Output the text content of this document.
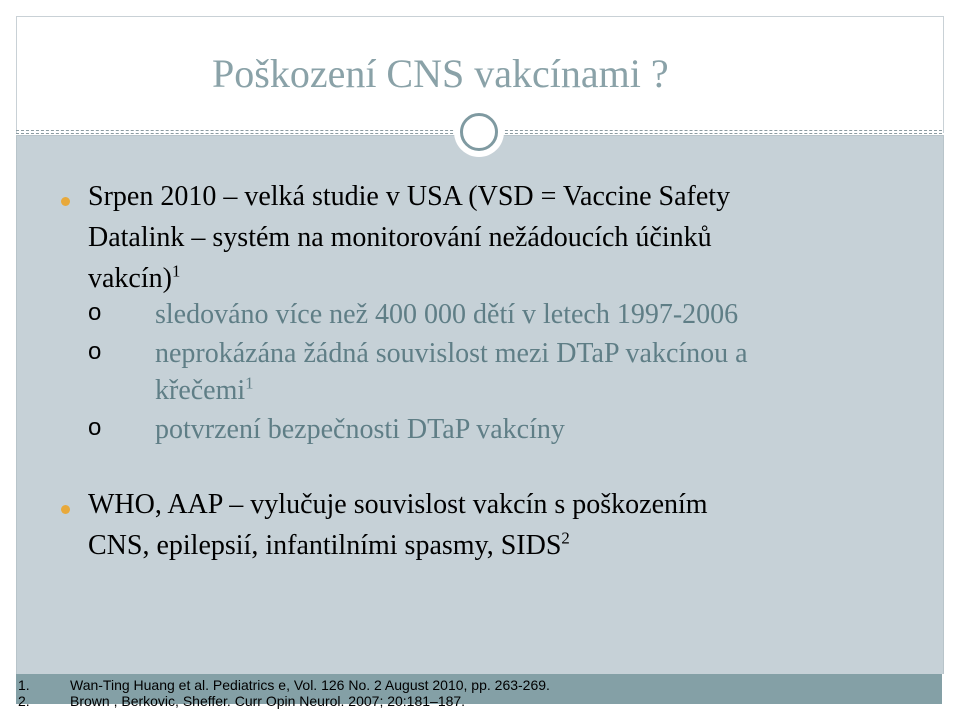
Poškození CNS vakcínami ?
Srpen 2010 – velká studie v USA (VSD = Vaccine Safety
Datalink – systém na monitorování nežádoucích účinků
vakcín)$^1$
o sledováno více než 400 000 dětí v letech 1997-2006
o neprokázána žádná souvislost mezi DTaP vakcínou a
křečemi$^1$
o potvrzení bezpečnosti DTaP vakcíny
WHO, AAP – vylučuje souvislost vakcín s poškozením
CNS, epilepsií, infantilními spasmy, SIDS$^2$
1.	Wan-Ting Huang et al. Pediatrics e, Vol. 126 No. 2 August 2010, pp. 263-269.
2.	Brown , Berkovic, Sheffer. Curr Opin Neurol. 2007; 20:181–187.
